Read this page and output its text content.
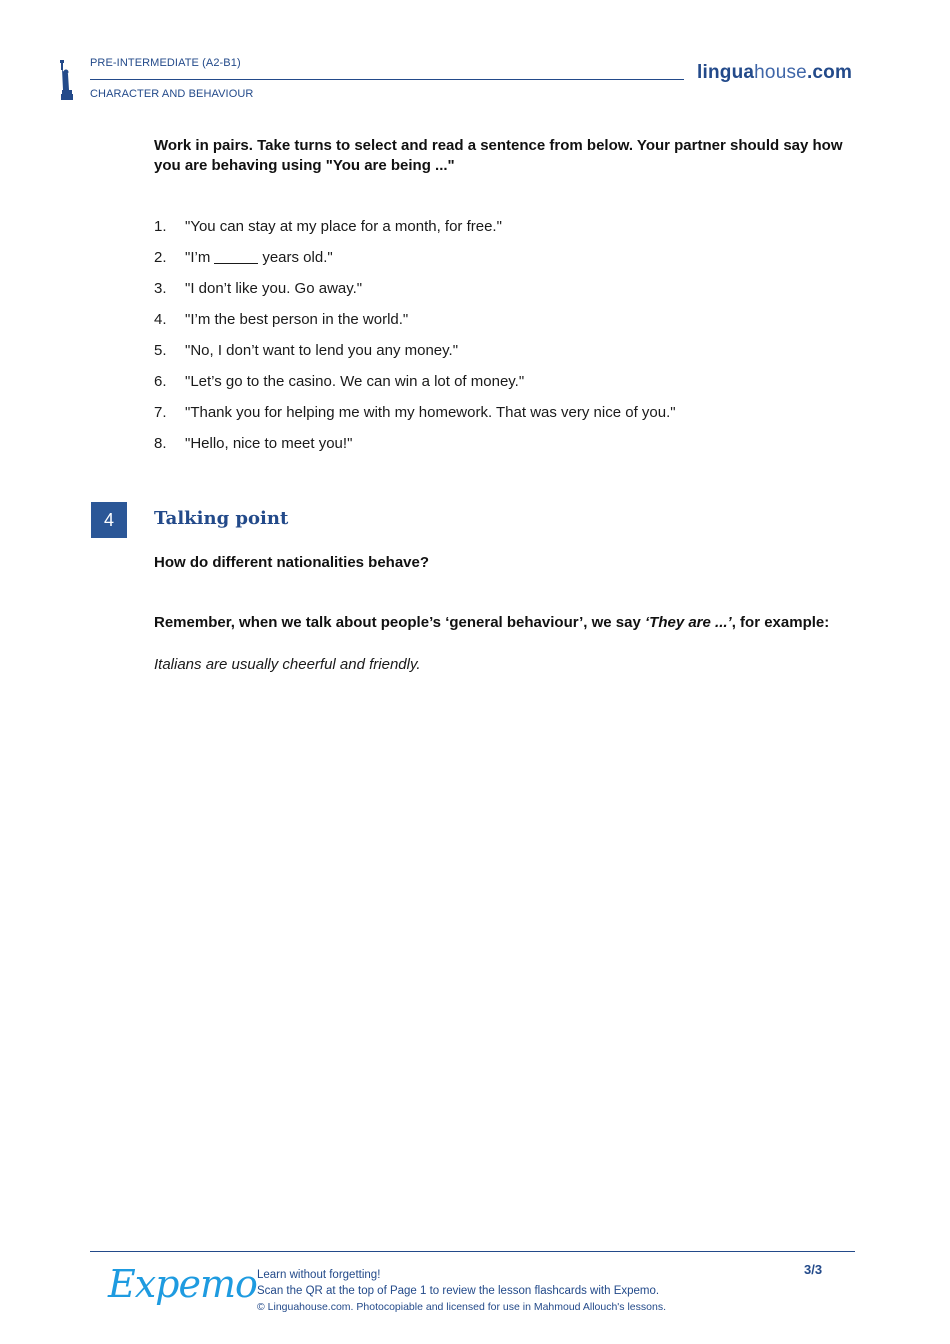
PRE-INTERMEDIATE (A2-B1)
CHARACTER AND BEHAVIOUR
linguahouse.com
Work in pairs. Take turns to select and read a sentence from below. Your partner should say how you are behaving using "You are being ..."
1.	"You can stay at my place for a month, for free."
2.	"I’m	years old."
3.	"I don’t like you. Go away."
4.	"I’m the best person in the world."
5.	"No, I don’t want to lend you any money."
6.	"Let’s go to the casino. We can win a lot of money."
7.	"Thank you for helping me with my homework. That was very nice of you."
8.	"Hello, nice to meet you!"
4	Talking point
How do different nationalities behave?
Remember, when we talk about people’s ‘general behaviour’, we say ‘They are ...’, for example:
Italians are usually cheerful and friendly.
Expemo Learn without forgetting!
Scan the QR at the top of Page 1 to review the lesson flashcards with Expemo.
© Linguahouse.com. Photocopiable and licensed for use in Mahmoud Allouch's lessons.
3/3
